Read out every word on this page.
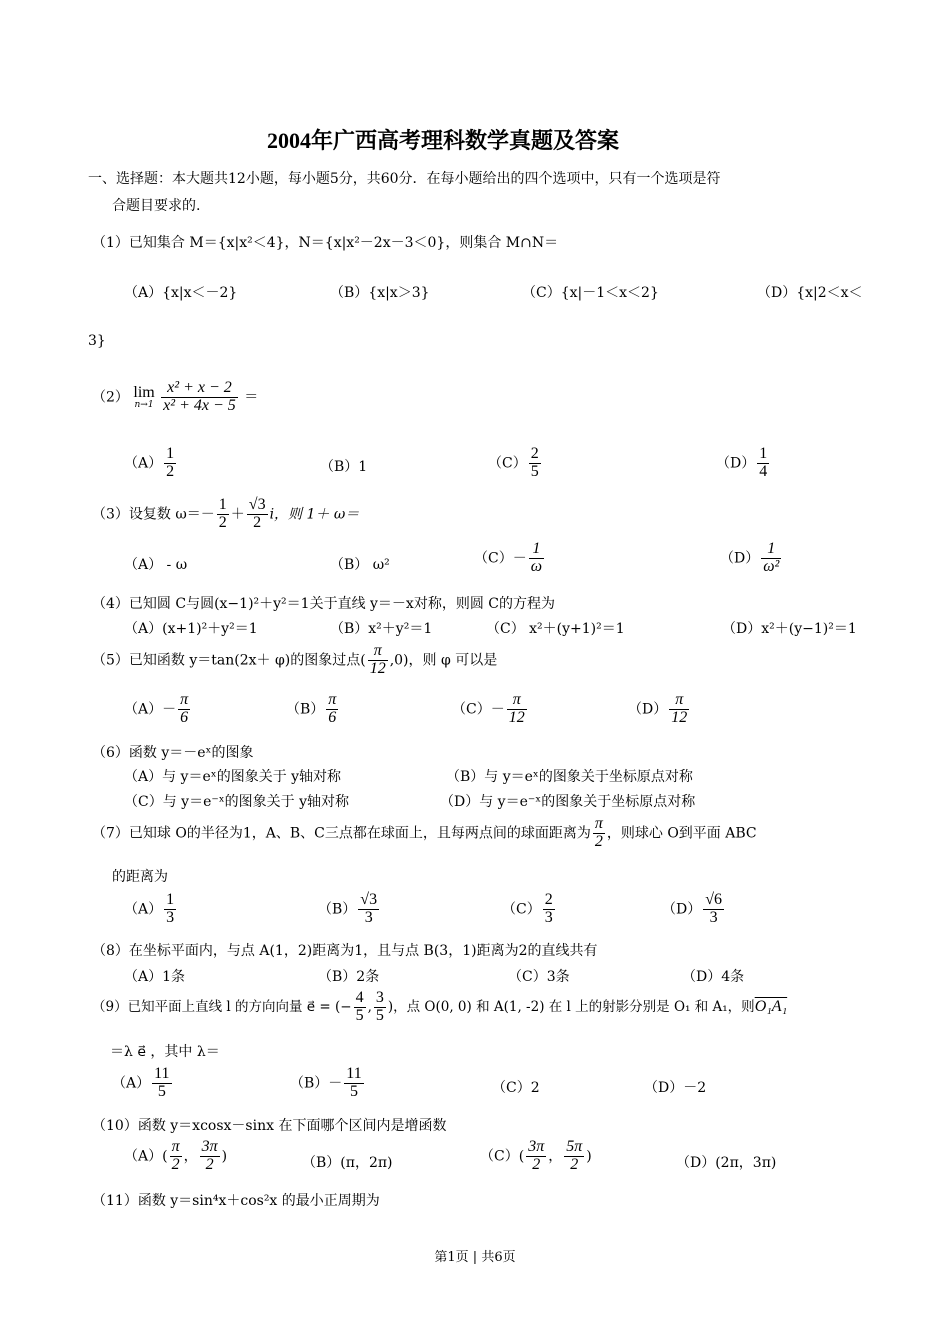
2004年广西高考理科数学真题及答案
一、选择题：本大题共12小题，每小题5分，共60分．在每小题给出的四个选项中，只有一个选项是符
合题目要求的.
（1）已知集合 M＝{x|x²＜4}，N＝{x|x²－2x－3＜0}，则集合 M∩N＝
（A）{x|x＜－2}	（B）{x|x＞3}	（C）{x|－1＜x＜2}	（D）{x|2＜x＜
3}
（2） lim
n→1
$\frac{\text{x² + x − 2}}{\text{x² + 4x − 5}}$ ＝
$(A) \frac{1}{2}$	（B）1	$(C) \frac{2}{5}$	$(D) \frac{1}{4}$
（3）设复数 $\omega=- \frac{1}{2} + \frac{√3}{2}$ i，则 1＋ ω＝
（A） - ω	（B） ω²	$(C)- \frac{1}{\omega}$	$(D) \frac{1}{\text{ω²}}$
（4）已知圆 C与圆(x−1)²＋y²＝1关于直线 y＝－x对称，则圆 C的方程为
（A）(x+1)²＋y²＝1	（B）x²＋y²＝1	（C） x²＋(y+1)²＝1	（D）x²＋(y−1)²＝1
（5）已知函数 y＝tan(2x＋ φ)的图象过点( $\frac{\pi}{12} ,0$)，则 φ 可以是
$(A)- \frac{\pi}{6}$	$(B) \frac{\pi}{6}$	$(C)- \frac{\pi}{12}$	$(D) \frac{\pi}{12}$
（6）函数 y＝－eˣ的图象
（A）与 y＝eˣ的图象关于 y轴对称	（B）与 y＝eˣ的图象关于坐标原点对称
（C）与 y＝e⁻ˣ的图象关于 y轴对称	（D）与 y＝e⁻ˣ的图象关于坐标原点对称
（7）已知球 O的半径为1，A、B、C三点都在球面上，且每两点间的球面距离为 $\frac{\pi}{2}$ ，则球心 O到平面 ABC
的距离为
$(A) \frac{1}{3}$	$(B) \frac{√3}{3}$	$(C) \frac{2}{3}$	$(D) \frac{√6}{3}$
（8）在坐标平面内，与点 A(1，2)距离为1，且与点 B(3，1)距离为2的直线共有
（A）1条	（B）2条	（C）3条	（D）4条
（9）已知平面上直线 l 的方向向量 e⃗ = (− $\frac{4}{5}$ , $\frac{3}{5}$ )，点 O(0, 0) 和 A(1, -2) 在 l 上的射影分别是 O₁ 和 A₁，则O₁A₁
＝λ e⃗ ，其中 λ＝
$(A) \frac{11}{5}$	$(B)- \frac{11}{5}$	（C）2	（D）－2
（10）函数 y＝xcosx－sinx 在下面哪个区间内是增函数
$(A)( \frac{\pi}{2}$ ， $\frac{3\pi}{2}$ )	（B）(π，2π)	$(C)( \frac{3\pi}{2}$ ， $\frac{5\pi}{2}$ )	（D）(2π，3π)
（11）函数 y＝sin⁴x＋cos²x 的最小正周期为
第1页 | 共6页
